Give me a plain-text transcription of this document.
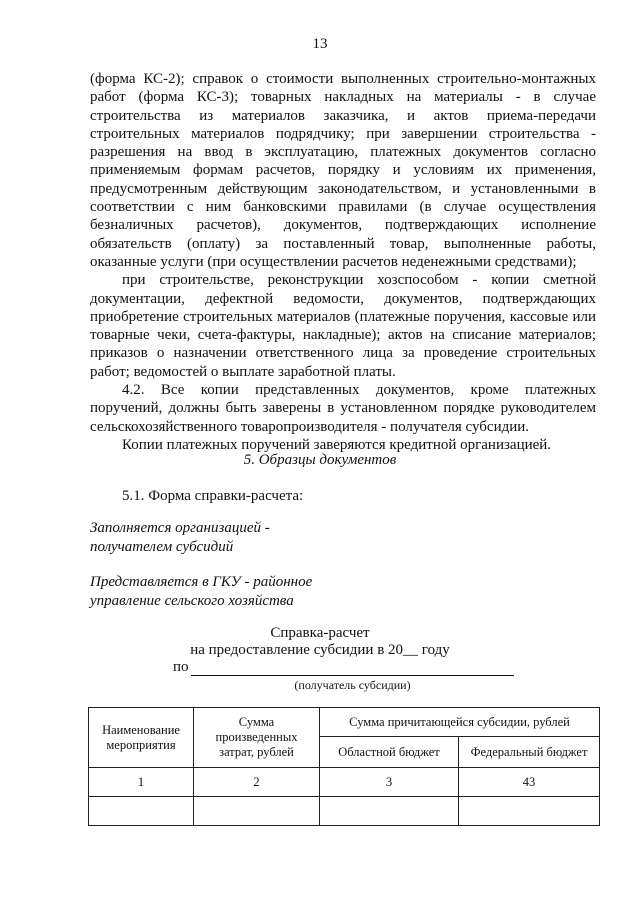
13

(форма КС-2); справок о стоимости выполненных строительно-монтажных работ (форма КС-3); товарных накладных на материалы - в случае строительства из материалов заказчика, и актов приема-передачи строительных материалов подрядчику; при завершении строительства - разрешения на ввод в эксплуатацию, платежных документов согласно применяемым формам расчетов, порядку и условиям их применения, предусмотренным действующим законодательством, и установленными в соответствии с ним банковскими правилами (в случае осуществления безналичных расчетов), документов, подтверждающих исполнение обязательств (оплату) за поставленный товар, выполненные работы, оказанные услуги (при осуществлении расчетов неденежными средствами);

при строительстве, реконструкции хозспособом - копии сметной документации, дефектной ведомости, документов, подтверждающих приобретение строительных материалов (платежные поручения, кассовые или товарные чеки, счета-фактуры, накладные); актов на списание материалов; приказов о назначении ответственного лица за проведение строительных работ; ведомостей о выплате заработной платы.

4.2. Все копии представленных документов, кроме платежных поручений, должны быть заверены в установленном порядке руководителем сельскохозяйственного товаропроизводителя - получателя субсидии.

Копии платежных поручений заверяются кредитной организацией.

5. Образцы документов
5.1. Форма справки-расчета:
Заполняется организацией -
получателем субсидий
Представляется в ГКУ - районное
управление сельского хозяйства
Справка-расчет
на предоставление субсидии в 20__ году
по
(получатель субсидии)
Наименование мероприятия	Сумма произведенных затрат, рублей	Сумма причитающейся субсидии, рублей	
		Областной бюджет	Федеральный бюджет
1	2	3	43
